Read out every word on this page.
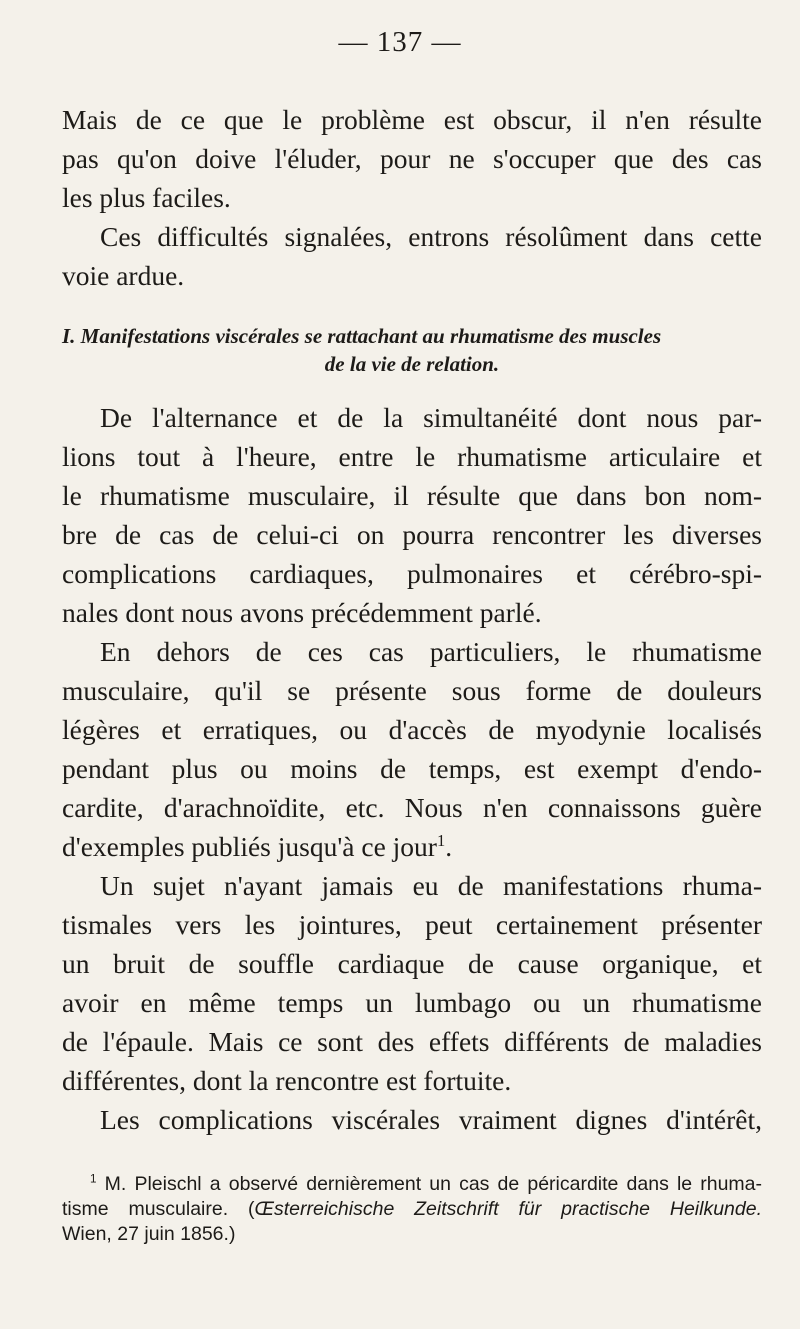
— 137 —
Mais de ce que le problème est obscur, il n'en résulte
pas qu'on doive l'éluder, pour ne s'occuper que des cas
les plus faciles.
Ces difficultés signalées, entrons résolûment dans cette
voie ardue.
I. Manifestations viscérales se rattachant au rhumatisme des muscles
de la vie de relation.
De l'alternance et de la simultanéité dont nous par-
lions tout à l'heure, entre le rhumatisme articulaire et
le rhumatisme musculaire, il résulte que dans bon nom-
bre de cas de celui-ci on pourra rencontrer les diverses
complications cardiaques, pulmonaires et cérébro-spi-
nales dont nous avons précédemment parlé.
En dehors de ces cas particuliers, le rhumatisme
musculaire, qu'il se présente sous forme de douleurs
légères et erratiques, ou d'accès de myodynie localisés
pendant plus ou moins de temps, est exempt d'endo-
cardite, d'arachnoïdite, etc. Nous n'en connaissons guère
d'exemples publiés jusqu'à ce jour$^1$.
Un sujet n'ayant jamais eu de manifestations rhuma-
tismales vers les jointures, peut certainement présenter
un bruit de souffle cardiaque de cause organique, et
avoir en même temps un lumbago ou un rhumatisme
de l'épaule. Mais ce sont des effets différents de maladies
différentes, dont la rencontre est fortuite.
Les complications viscérales vraiment dignes d'intérêt,
$^1$ M. Pleischl a observé dernièrement un cas de péricardite dans le rhuma-
tisme musculaire. (Œsterreichische Zeitschrift für practische Heilkunde.
Wien, 27 juin 1856.)
